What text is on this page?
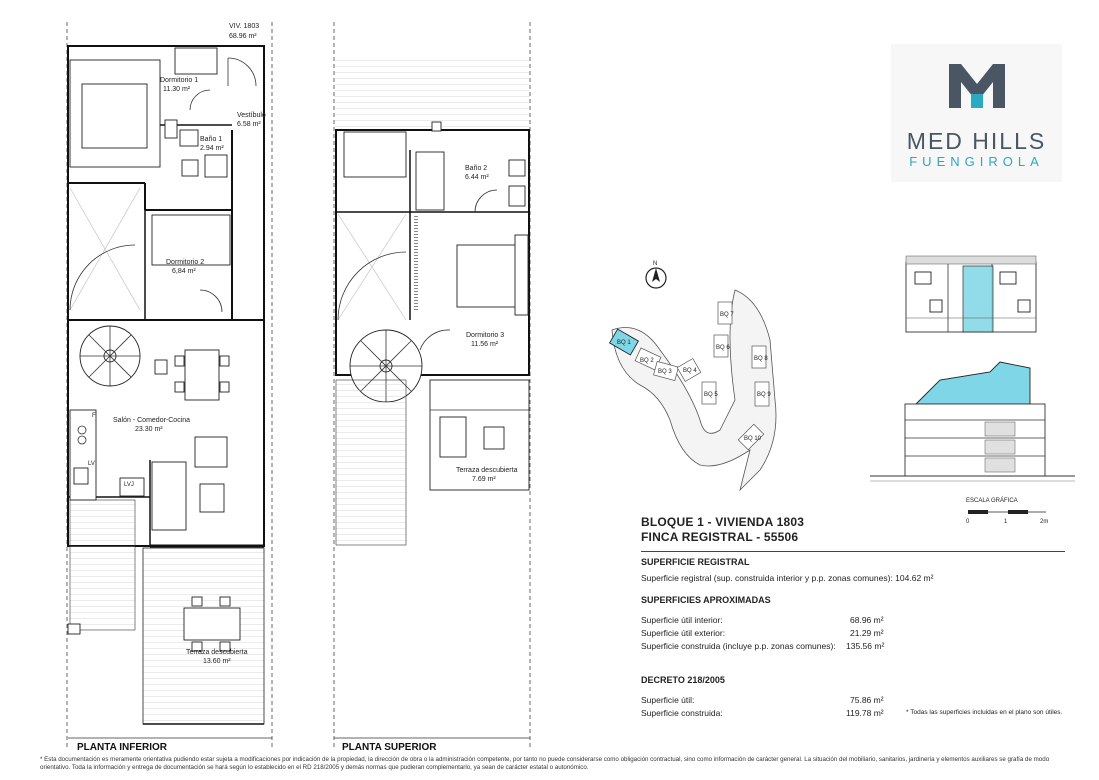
VIV. 1803
68.96 m²
Dormitorio 1
11.30 m²
Vestíbulo
6.58 m²
Baño 1
2.94 m²
Dormitorio 2
6,84 m²
Salón - Comedor-Cocina
23.30 m²
F
LV
LVJ
Terraza descubierta
13.60 m²
PLANTA INFERIOR
Baño 2
6.44 m²
Dormitorio 3
11.56 m²
Terraza descubierta
7.69 m²
PLANTA SUPERIOR
N
BQ 1
BQ 2
BQ 3 BQ 4
BQ 5
BQ 6
BQ 7
BQ 8
BQ 9
BQ 10
ESCALA GRÁFICA
0	1	2m
MED HILLS
FUENGIROLA
BLOQUE 1 - VIVIENDA 1803
FINCA REGISTRAL - 55506
SUPERFICIE REGISTRAL
Superficie registral (sup. construida interior y p.p. zonas comunes): 104.62 m²
SUPERFICIES APROXIMADAS
Superficie útil interior:	68.96 m²
Superficie útil exterior:	21.29 m²
Superficie construida (incluye p.p. zonas comunes): 135.56 m²
DECRETO 218/2005
Superficie útil:	75.86 m²
Superficie construida:	119.78 m²	* Todas las superficies incluidas en el plano son útiles.
* Esta documentación es meramente orientativa pudiendo estar sujeta a modificaciones por indicación de la propiedad, la dirección de obra o la administración competente, por tanto no puede considerarse como obligación contractual, sino como información de carácter general. La situación del mobiliario, sanitarios, jardinería y elementos auxiliares se grafía de modo orientativo. Toda la información y entrega de documentación se hará según lo establecido en el RD 218/2005 y demás normas que pudieran complementarlo, ya sean de carácter estatal o autonómico.
